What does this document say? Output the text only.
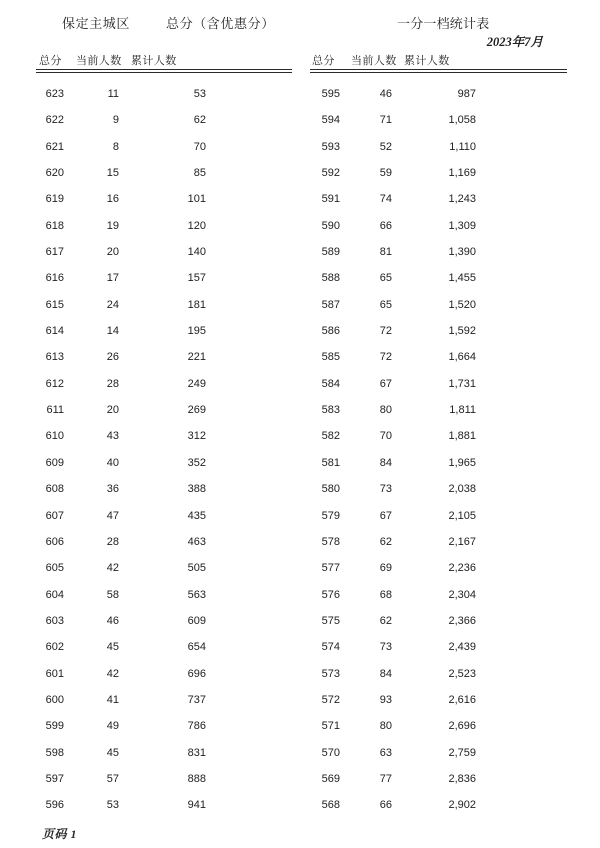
保定主城区	总分（含优惠分）	一分一档统计表
2023年7月
总分 当前人数 累计人数	总分 当前人数 累计人数
623	11	53
622	9	62
621	8	70
620	15	85
619	16	101
618	19	120
617	20	140
616	17	157
615	24	181
614	14	195
613	26	221
612	28	249
611	20	269
610	43	312
609	40	352
608	36	388
607	47	435
606	28	463
605	42	505
604	58	563
603	46	609
602	45	654
601	42	696
600	41	737
599	49	786
598	45	831
597	57	888
596	53	941
595	46	987
594	71	1,058
593	52	1,110
592	59	1,169
591	74	1,243
590	66	1,309
589	81	1,390
588	65	1,455
587	65	1,520
586	72	1,592
585	72	1,664
584	67	1,731
583	80	1,811
582	70	1,881
581	84	1,965
580	73	2,038
579	67	2,105
578	62	2,167
577	69	2,236
576	68	2,304
575	62	2,366
574	73	2,439
573	84	2,523
572	93	2,616
571	80	2,696
570	63	2,759
569	77	2,836
568	66	2,902
页码 1
